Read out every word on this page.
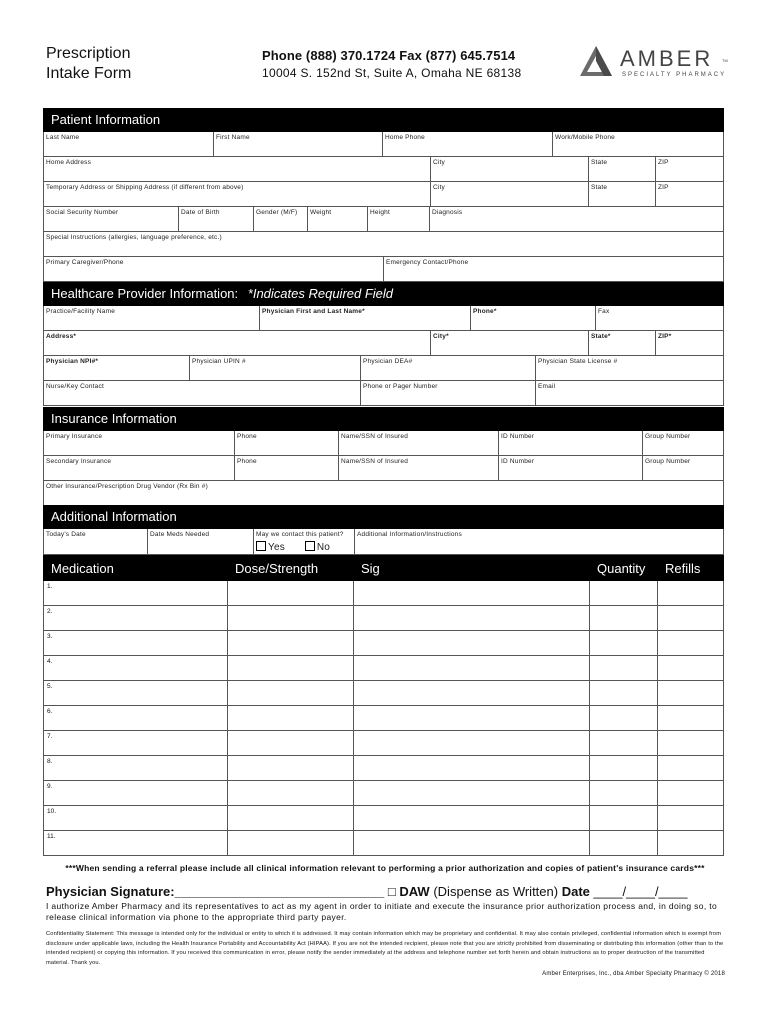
Prescription
Intake Form
Phone (888) 370.1724 Fax (877) 645.7514
10004 S. 152nd St, Suite A, Omaha NE 68138
AMBER
SPECIALTY PHARMACY
TM
Patient Information
Last Name	First Name	Home Phone	Work/Mobile Phone
Home Address	City	State	ZIP
Temporary Address or Shipping Address (if different from above)	City	State	ZIP
Social Security Number	Date of Birth	Gender (M/F)	Weight	Height	Diagnosis
Special Instructions (allergies, language preference, etc.)
Primary Caregiver/Phone	Emergency Contact/Phone
Healthcare Provider Information: *Indicates Required Field
Practice/Facility Name	Physician First and Last Name*	Phone*	Fax
Address*	City*	State*	ZIP*
Physician NPI#*	Physician UPIN #	Physician DEA#	Physician State License #
Nurse/Key Contact	Phone or Pager Number	Email
Insurance Information
Primary Insurance	Phone	Name/SSN of Insured	ID Number	Group Number
Secondary Insurance	Phone	Name/SSN of Insured	ID Number	Group Number
Other Insurance/Prescription Drug Vendor (Rx Bin #)
Additional Information
Today's Date	Date Meds Needed	May we contact this patient?
Yes	No
Additional Information/Instructions
Medication	Dose/Strength	Sig	Quantity	Refills
1.
2.
3.
4.
5.
6.
7.
8.
9.
10.
11.
***When sending a referral please include all clinical information relevant to performing a prior authorization and copies of patient's insurance cards***
Physician Signature:_____________________________ □ DAW (Dispense as Written) Date ____/____/____
I authorize Amber Pharmacy and its representatives to act as my agent in order to initiate and execute the insurance prior authorization process and, in doing so, to release clinical information via phone to the appropriate third party payer.
Confidentiality Statement: This message is intended only for the individual or entity to which it is addressed. It may contain information which may be proprietary and confidential. It may also contain privileged, confidential information which is exempt from disclosure under applicable laws, including the Health Insurance Portability and Accountability Act (HIPAA). If you are not the intended recipient, please note that you are strictly prohibited from disseminating or distributing this information (other than to the intended recipient) or copying this information. If you received this communication in error, please notify the sender immediately at the address and telephone number set forth herein and obtain instructions as to proper destruction of the transmitted material. Thank you.
Amber Enterprises, Inc., dba Amber Specialty Pharmacy © 2018
